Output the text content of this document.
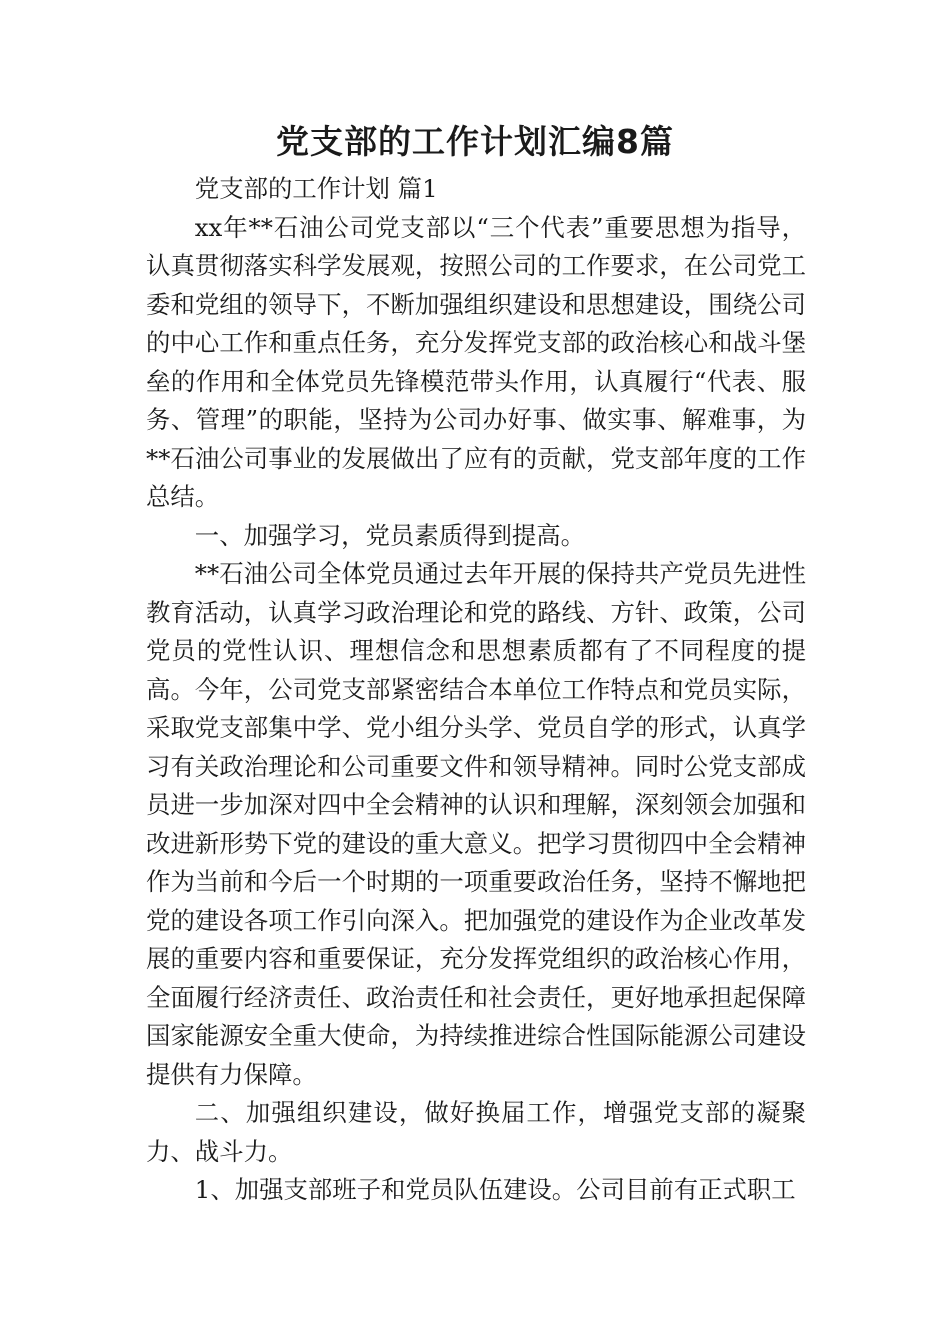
党支部的工作计划汇编8篇

党支部的工作计划 篇1

xx年**石油公司党支部以“三个代表”重要思想为指导，认真贯彻落实科学发展观，按照公司的工作要求，在公司党工委和党组的领导下，不断加强组织建设和思想建设，围绕公司的中心工作和重点任务，充分发挥党支部的政治核心和战斗堡垒的作用和全体党员先锋模范带头作用，认真履行“代表、服务、管理”的职能，坚持为公司办好事、做实事、解难事，为**石油公司事业的发展做出了应有的贡献，党支部年度的工作总结。

一、加强学习，党员素质得到提高。

**石油公司全体党员通过去年开展的保持共产党员先进性教育活动，认真学习政治理论和党的路线、方针、政策，公司党员的党性认识、理想信念和思想素质都有了不同程度的提高。今年，公司党支部紧密结合本单位工作特点和党员实际，采取党支部集中学、党小组分头学、党员自学的形式，认真学习有关政治理论和公司重要文件和领导精神。同时公党支部成员进一步加深对四中全会精神的认识和理解，深刻领会加强和改进新形势下党的建设的重大意义。把学习贯彻四中全会精神作为当前和今后一个时期的一项重要政治任务，坚持不懈地把党的建设各项工作引向深入。把加强党的建设作为企业改革发展的重要内容和重要保证，充分发挥党组织的政治核心作用，全面履行经济责任、政治责任和社会责任，更好地承担起保障国家能源安全重大使命，为持续推进综合性国际能源公司建设提供有力保障。

二、加强组织建设，做好换届工作，增强党支部的凝聚力、战斗力。

1、加强支部班子和党员队伍建设。公司目前有正式职工
